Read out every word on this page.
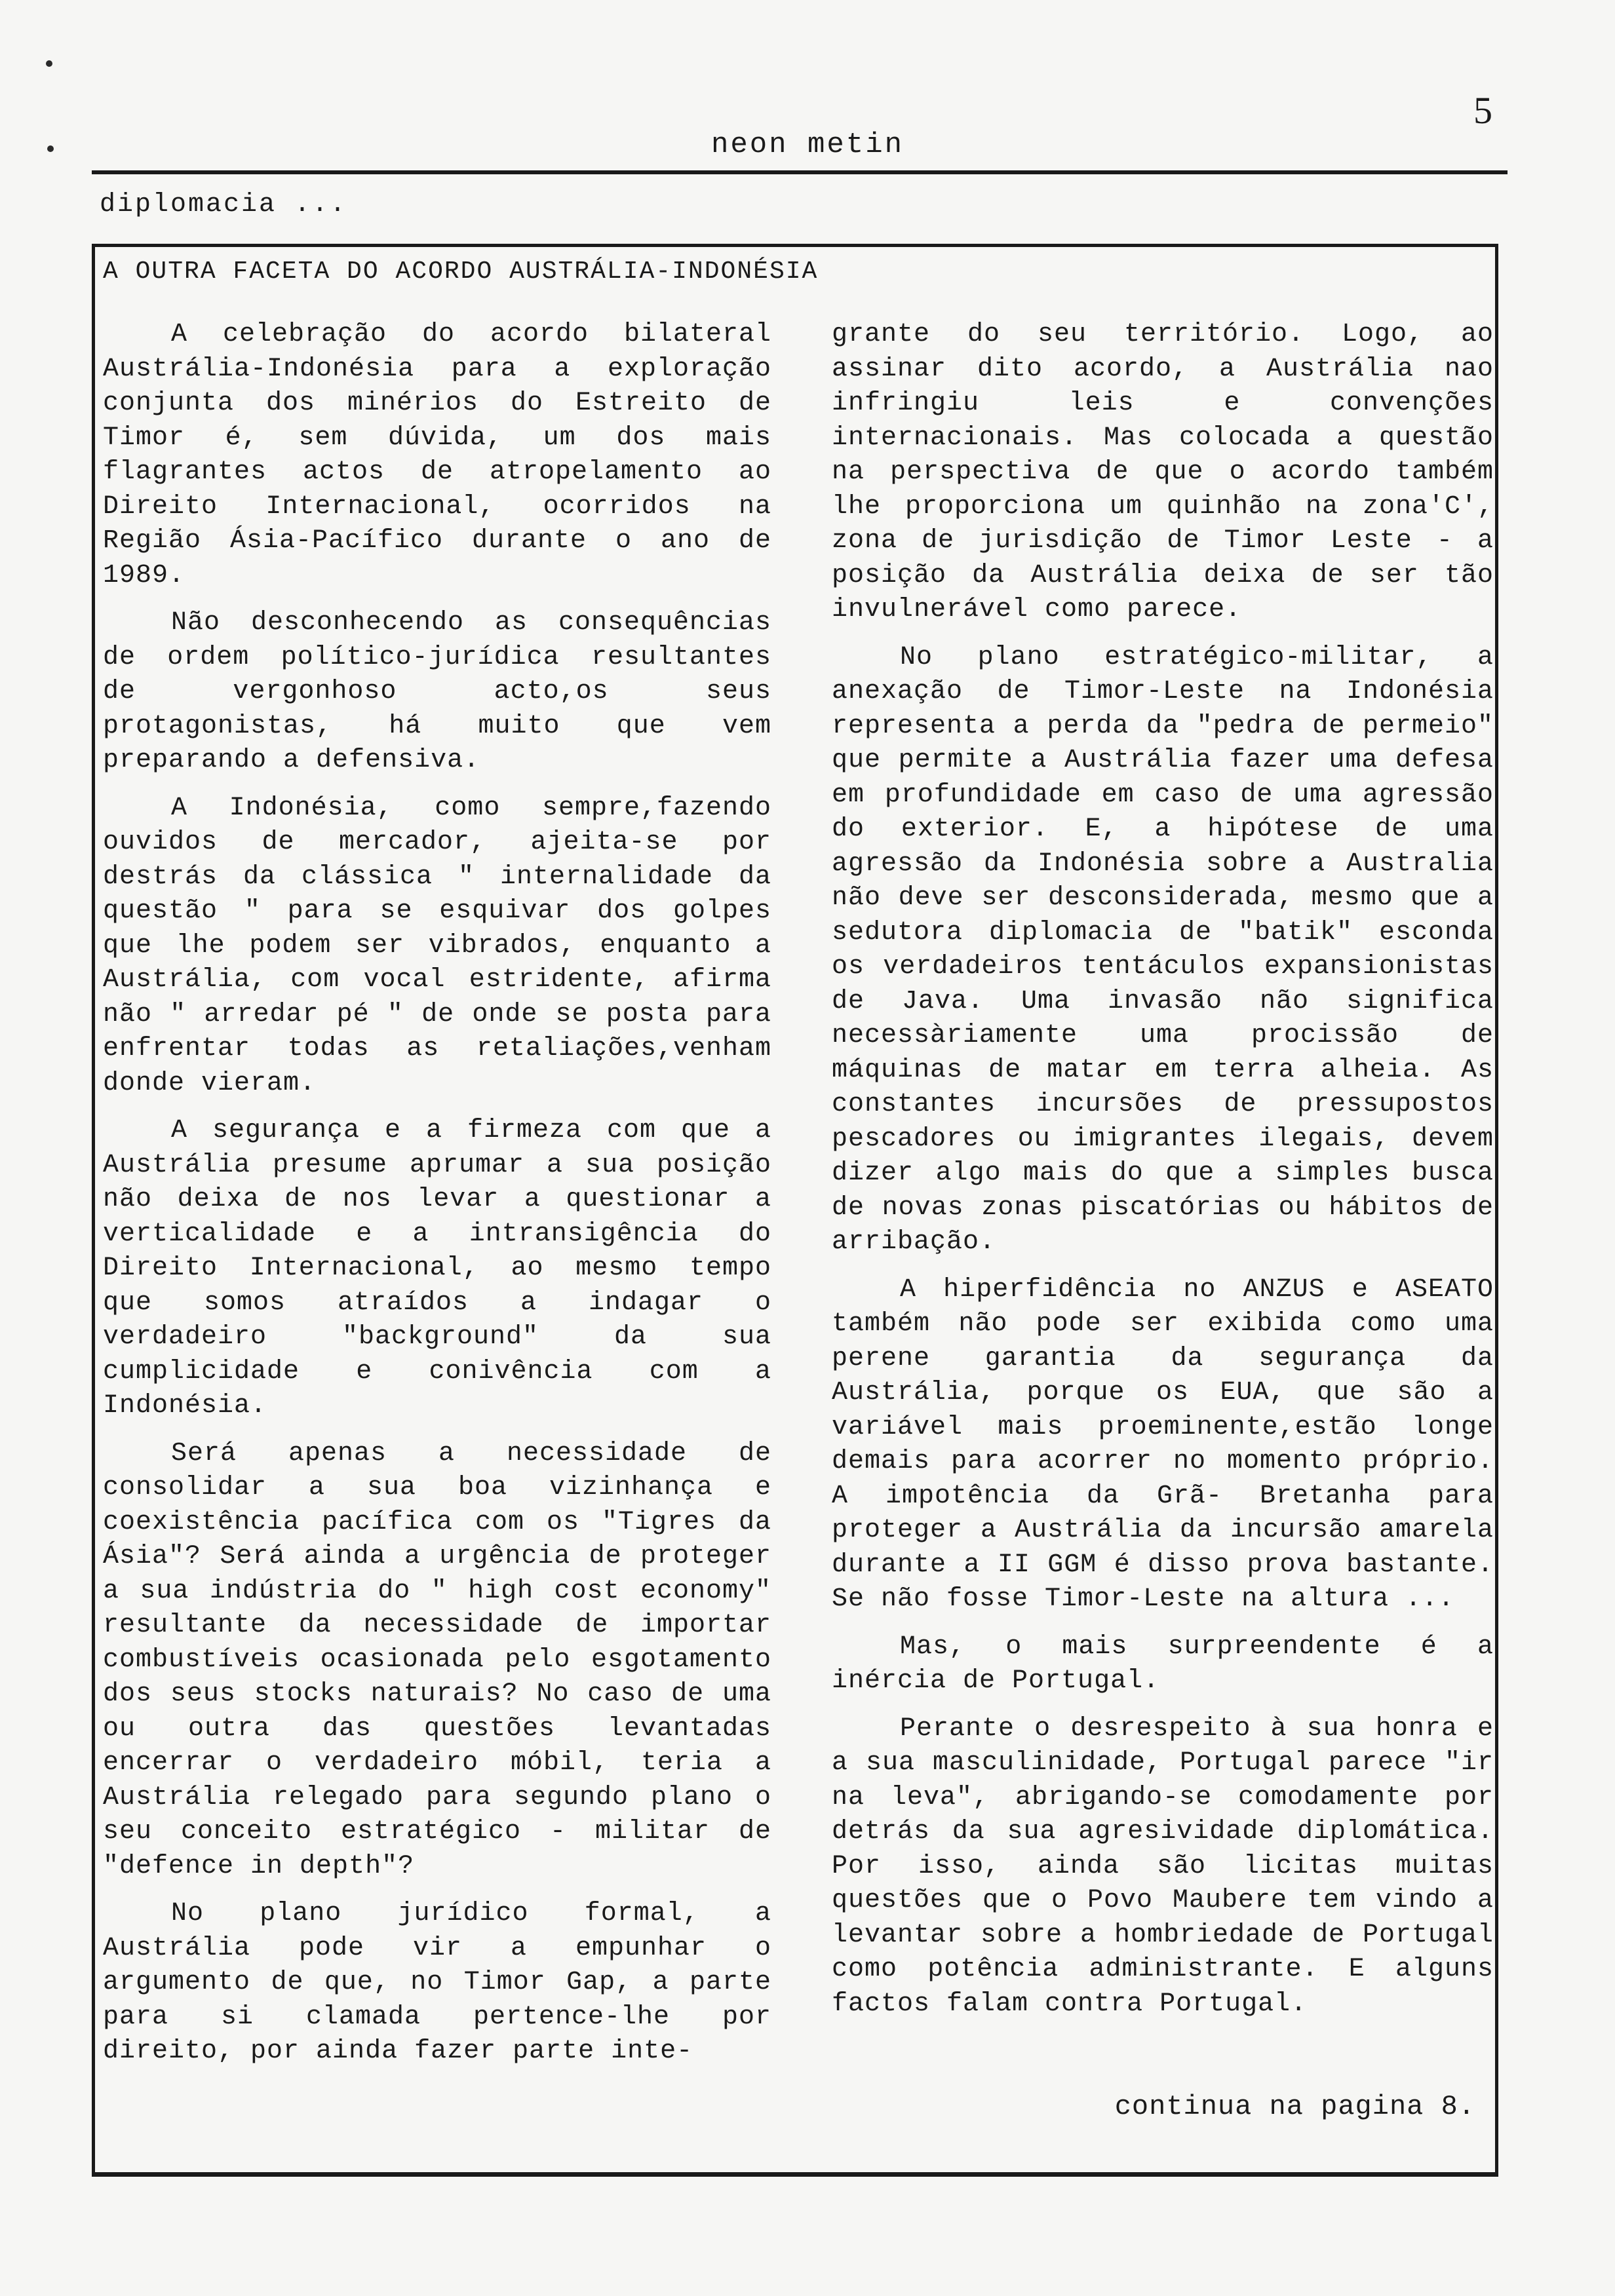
5
neon metin
diplomacia ...
A OUTRA FACETA DO ACORDO AUSTRÁLIA-INDONÉSIA

A celebração do acordo bilateral Austrália-Indonésia para a exploração conjunta dos minérios do Estreito de Timor é, sem dúvida, um dos mais flagrantes actos de atropelamento ao Direito Internacional, ocorridos na Região Ásia-Pacífico durante o ano de 1989.

Não desconhecendo as consequências de ordem político-jurídica resultantes de vergonhoso acto,os seus protagonistas, há muito que vem preparando a defensiva.

A Indonésia, como sempre,fazendo ouvidos de mercador, ajeita-se por destrás da clássica " internalidade da questão " para se esquivar dos golpes que lhe podem ser vibrados, enquanto a Austrália, com vocal estridente, afirma não " arredar pé " de onde se posta para enfrentar todas as retaliações,venham donde vieram.

A segurança e a firmeza com que a Austrália presume aprumar a sua posição não deixa de nos levar a questionar a verticalidade e a intransigência do Direito Internacional, ao mesmo tempo que somos atraídos a indagar o verdadeiro "background" da sua cumplicidade e conivência com a Indonésia.

Será apenas a necessidade de consolidar a sua boa vizinhança e coexistência pacífica com os "Tigres da Ásia"? Será ainda a urgência de proteger a sua indústria do " high cost economy" resultante da necessidade de importar combustíveis ocasionada pelo esgotamento dos seus stocks naturais? No caso de uma ou outra das questões levantadas encerrar o verdadeiro móbil, teria a Austrália relegado para segundo plano o seu conceito estratégico - militar de "defence in depth"?

No plano jurídico formal, a Austrália pode vir a empunhar o argumento de que, no Timor Gap, a parte para si clamada pertence-lhe por direito, por ainda fazer parte inte-

grante do seu território. Logo, ao assinar dito acordo, a Austrália nao infringiu leis e convenções internacionais. Mas colocada a questão na perspectiva de que o acordo também lhe proporciona um quinhão na zona'C', zona de jurisdição de Timor Leste - a posição da Austrália deixa de ser tão invulnerável como parece.

No plano estratégico-militar, a anexação de Timor-Leste na Indonésia representa a perda da "pedra de permeio" que permite a Austrália fazer uma defesa em profundidade em caso de uma agressão do exterior. E, a hipótese de uma agressão da Indonésia sobre a Australia não deve ser desconsiderada, mesmo que a sedutora diplomacia de "batik" esconda os verdadeiros tentáculos expansionistas de Java. Uma invasão não significa necessàriamente uma procissão de máquinas de matar em terra alheia. As constantes incursões de pressupostos pescadores ou imigrantes ilegais, devem dizer algo mais do que a simples busca de novas zonas piscatórias ou hábitos de arribação.

A hiperfidência no ANZUS e ASEATO também não pode ser exibida como uma perene garantia da segurança da Austrália, porque os EUA, que são a variável mais proeminente,estão longe demais para acorrer no momento próprio. A impotência da Grã- Bretanha para proteger a Austrália da incursão amarela durante a II GGM é disso prova bastante. Se não fosse Timor-Leste na altura ...

Mas, o mais surpreendente é a inércia de Portugal.

Perante o desrespeito à sua honra e a sua masculinidade, Portugal parece "ir na leva", abrigando-se comodamente por detrás da sua agresividade diplomática. Por isso, ainda são licitas muitas questões que o Povo Maubere tem vindo a levantar sobre a hombriedade de Portugal como potência administrante. E alguns factos falam contra Portugal.

continua na pagina 8.
